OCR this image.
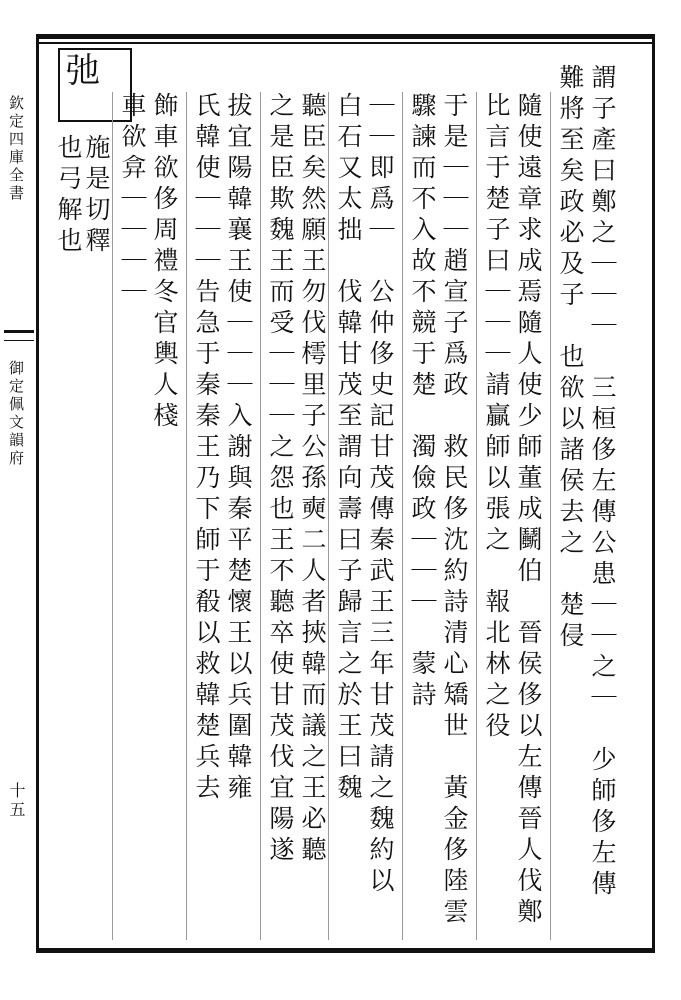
欽定四庫全書
御定佩文韻府
十五
弛	謂子產曰鄭之｜｜｜　三桓侈左傳公患｜｜之｜　少師侈左傳
難將至矣政必及子　也欲以諸侯去之　楚侵
隨使遠章求成焉隨人使少師董成鬭伯　晉侯侈以左傳晉人伐鄭
比言于楚子曰｜｜｜請贏師以張之　報北林之役
于是｜｜｜趙宣子爲政　救民侈沈約詩清心矯世　黃金侈陸雲
驟諫而不入故不競于楚　濁儉政｜｜｜　蒙詩
｜｜即爲｜　公仲侈史記甘茂傳秦武王三年甘茂請之魏約以
白石又太拙　伐韓甘茂至謂向壽曰子歸言之於王曰魏
聽臣矣然願王勿伐樗里子公孫奭二人者挾韓而議之王必聽
之是臣欺魏王而受｜｜｜之怨也王不聽卒使甘茂伐宜陽遂
拔宜陽韓襄王使｜｜｜入謝與秦平楚懷王以兵圍韓雍
氏韓使｜｜｜告急于秦秦王乃下師于殽以救韓楚兵去
飾車欲侈周禮冬官輿人棧
車欲弇｜｜｜｜
施是切釋
也弓解也
